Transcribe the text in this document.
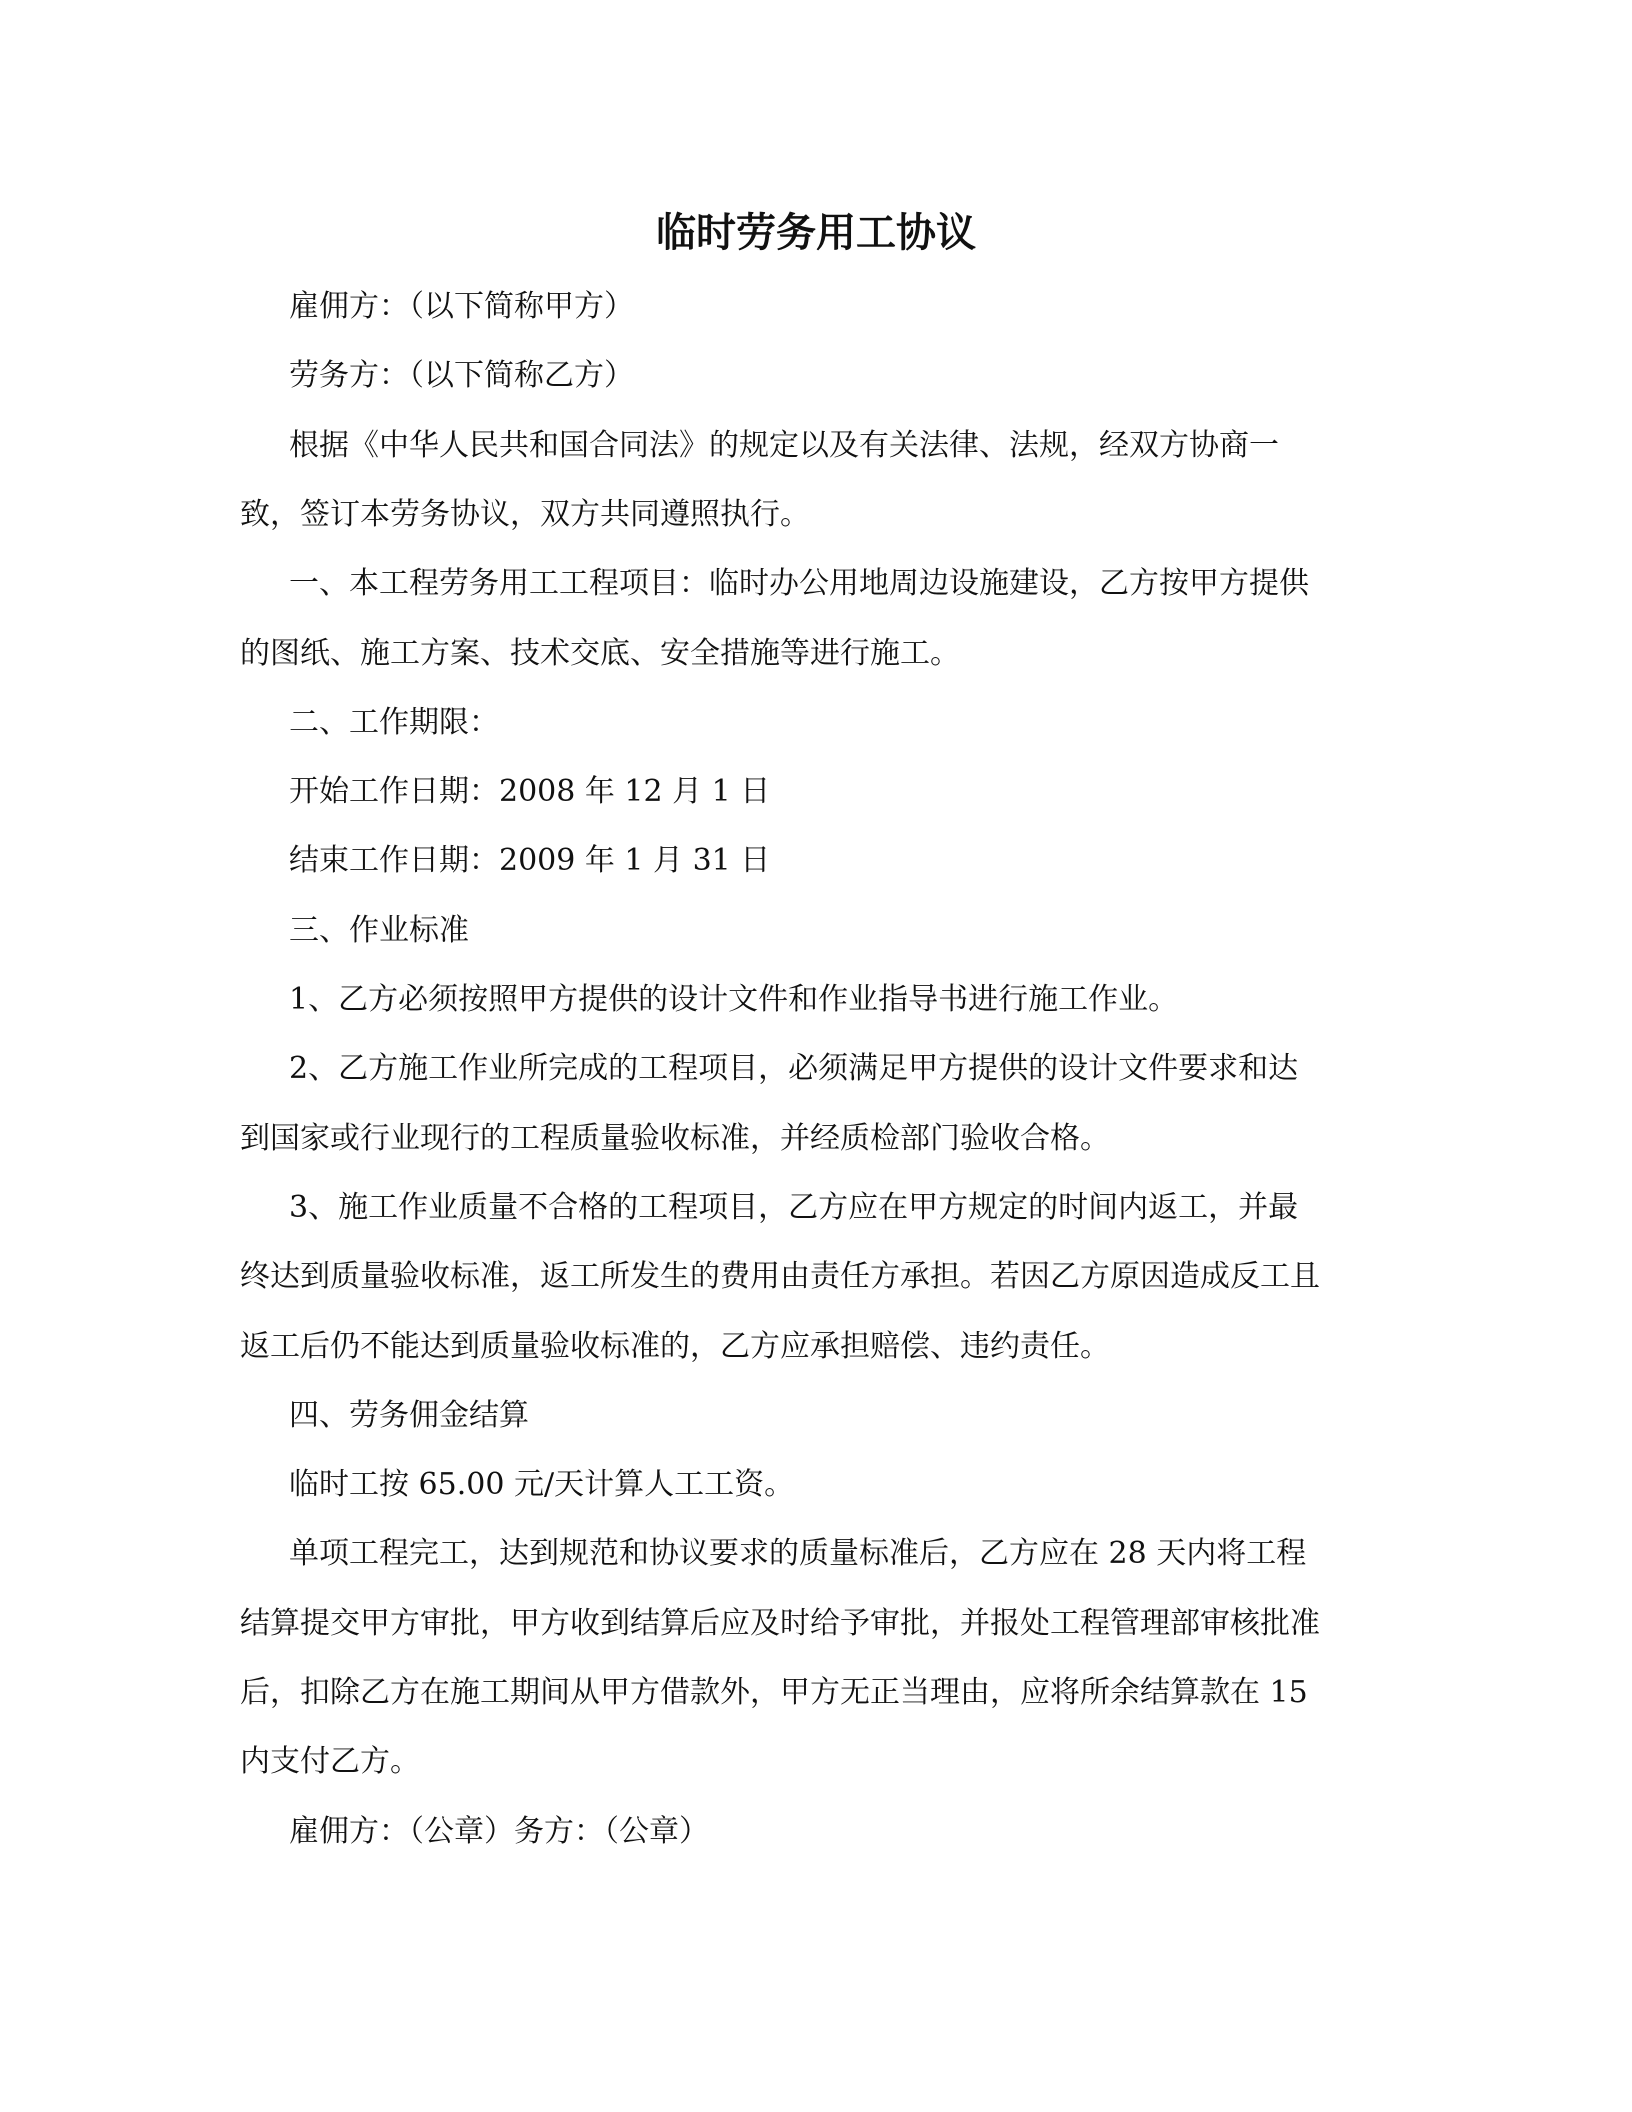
临时劳务用工协议
雇佣方：（以下简称甲方）
劳务方：（以下简称乙方）
根据《中华人民共和国合同法》的规定以及有关法律、法规，经双方协商一
致，签订本劳务协议，双方共同遵照执行。
一、本工程劳务用工工程项目：临时办公用地周边设施建设，乙方按甲方提供
的图纸、施工方案、技术交底、安全措施等进行施工。
二、工作期限：
开始工作日期：2008 年 12 月 1 日
结束工作日期：2009 年 1 月 31 日
三、作业标准
1、乙方必须按照甲方提供的设计文件和作业指导书进行施工作业。
2、乙方施工作业所完成的工程项目，必须满足甲方提供的设计文件要求和达
到国家或行业现行的工程质量验收标准，并经质检部门验收合格。
3、施工作业质量不合格的工程项目，乙方应在甲方规定的时间内返工，并最
终达到质量验收标准，返工所发生的费用由责任方承担。若因乙方原因造成反工且
返工后仍不能达到质量验收标准的，乙方应承担赔偿、违约责任。
四、劳务佣金结算
临时工按 65.00 元/天计算人工工资。
单项工程完工，达到规范和协议要求的质量标准后，乙方应在 28 天内将工程
结算提交甲方审批，甲方收到结算后应及时给予审批，并报处工程管理部审核批准
后，扣除乙方在施工期间从甲方借款外，甲方无正当理由，应将所余结算款在 15
内支付乙方。
雇佣方：（公章）务方：（公章）
